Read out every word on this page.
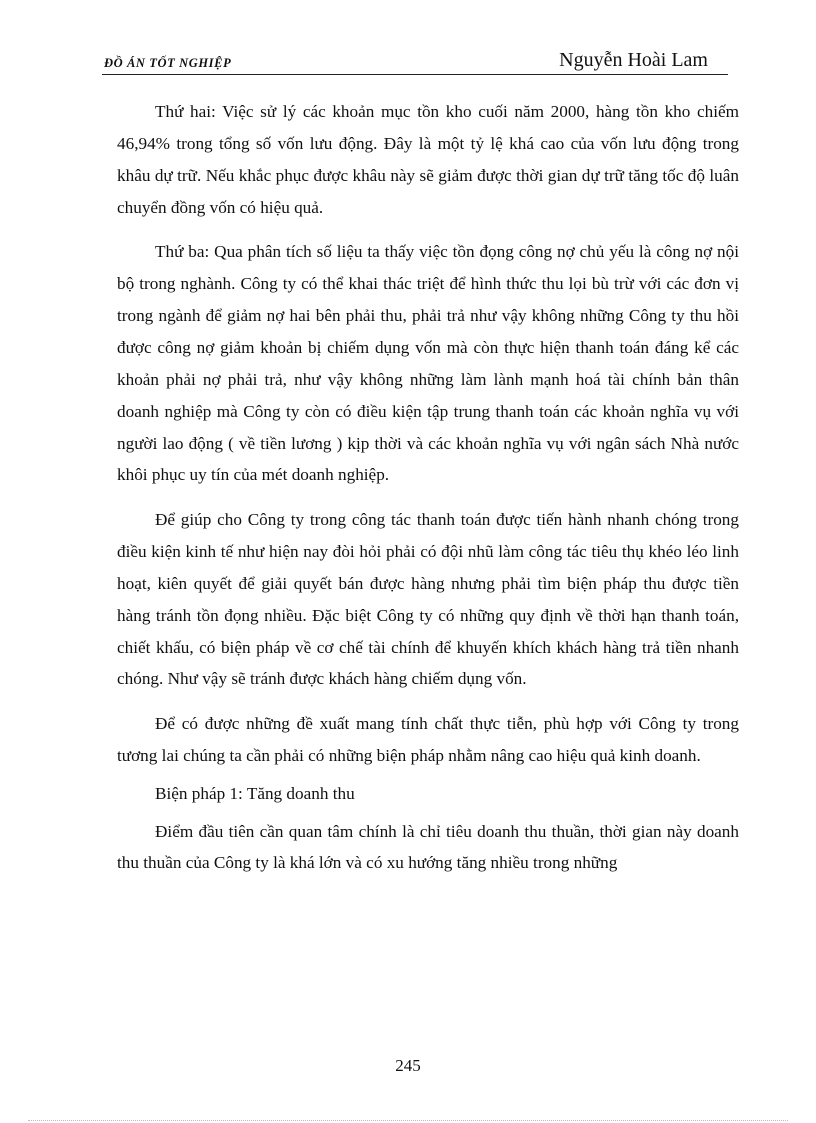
ĐỒ ÁN TỐT NGHIỆP	Nguyễn Hoài Lam

Thứ hai: Việc sử lý các khoản mục tồn kho cuối năm 2000, hàng tồn kho chiếm 46,94% trong tổng số vốn lưu động. Đây là một tỷ lệ khá cao của vốn lưu động trong khâu dự trữ. Nếu khắc phục được khâu này sẽ giảm được thời gian dự trữ tăng tốc độ luân chuyển đồng vốn có hiệu quả.

Thứ ba: Qua phân tích số liệu ta thấy việc tồn đọng công nợ chủ yếu là công nợ nội bộ trong nghành. Công ty có thể khai thác triệt để hình thức thu lọi bù trừ với các đơn vị trong ngành để giảm nợ hai bên phải thu, phải trả như vậy không những Công ty thu hồi được công nợ giảm khoản bị chiếm dụng vốn mà còn thực hiện thanh toán đáng kể các khoản phải nợ phải trả, như vậy không những làm lành mạnh hoá tài chính bản thân doanh nghiệp mà Công ty còn có điều kiện tập trung thanh toán các khoản nghĩa vụ với người lao động ( về tiền lương ) kịp thời và các khoản nghĩa vụ với ngân sách Nhà nước khôi phục uy tín của mét doanh nghiệp.

Để giúp cho Công ty trong công tác thanh toán được tiến hành nhanh chóng trong điều kiện kinh tế như hiện nay đòi hỏi phải có đội nhũ làm công tác tiêu thụ khéo léo linh hoạt, kiên quyết để giải quyết bán được hàng nhưng phải tìm biện pháp thu được tiền hàng tránh tồn đọng nhiều. Đặc biệt Công ty có những quy định về thời hạn thanh toán, chiết khấu, có biện pháp về cơ chế tài chính để khuyến khích khách hàng trả tiền nhanh chóng. Như vậy sẽ tránh được khách hàng chiếm dụng vốn.

Để có được những đề xuất mang tính chất thực tiễn, phù hợp với Công ty trong tương lai chúng ta cần phải có những biện pháp nhằm nâng cao hiệu quả kinh doanh.

Biện pháp 1: Tăng doanh thu

Điểm đầu tiên cần quan tâm chính là chỉ tiêu doanh thu thuần, thời gian này doanh thu thuần của Công ty là khá lớn và có xu hướng tăng nhiều trong những

245
